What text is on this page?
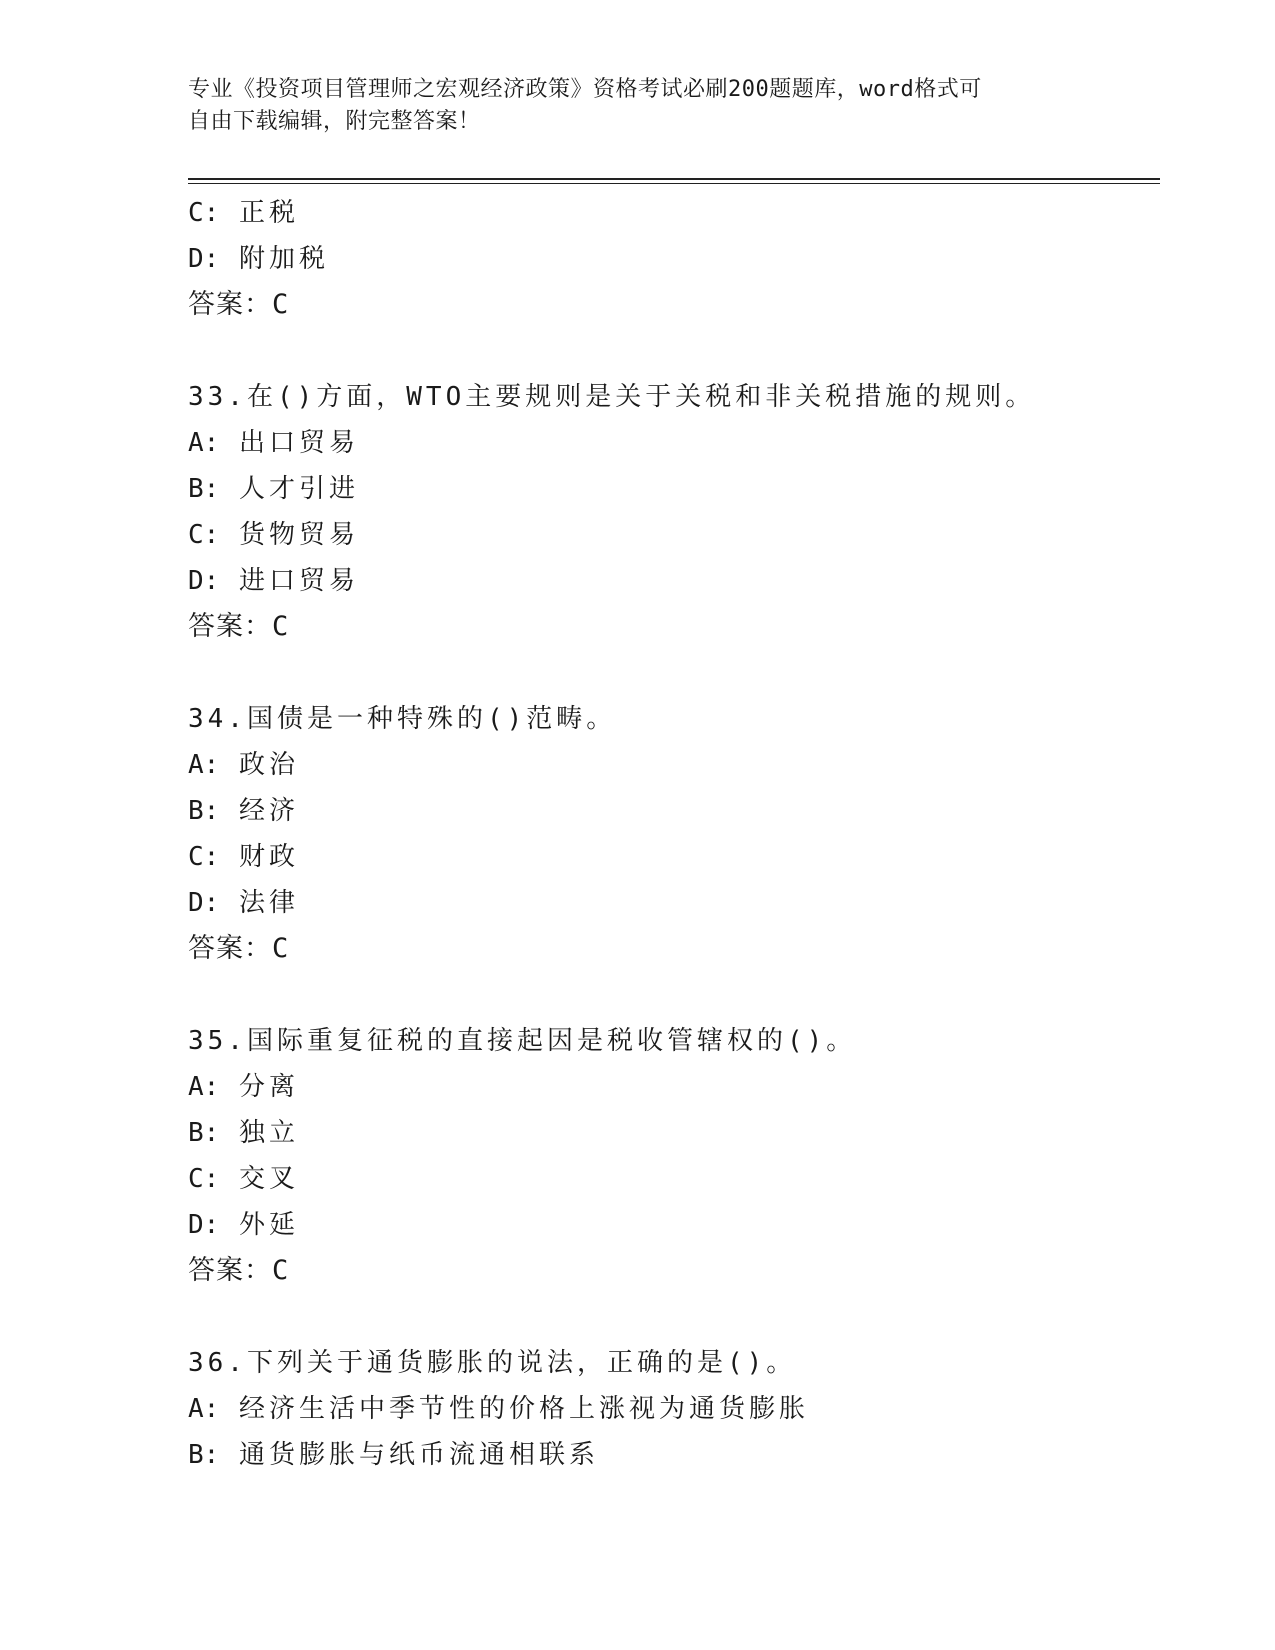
专业《投资项目管理师之宏观经济政策》资格考试必刷200题题库，word格式可
自由下载编辑，附完整答案！
C: 正税
D: 附加税
答案：C
33.在()方面，WTO主要规则是关于关税和非关税措施的规则。
A: 出口贸易
B: 人才引进
C: 货物贸易
D: 进口贸易
答案：C
34.国债是一种特殊的()范畴。
A: 政治
B: 经济
C: 财政
D: 法律
答案：C
35.国际重复征税的直接起因是税收管辖权的()。
A: 分离
B: 独立
C: 交叉
D: 外延
答案：C
36.下列关于通货膨胀的说法，正确的是()。
A: 经济生活中季节性的价格上涨视为通货膨胀
B: 通货膨胀与纸币流通相联系
